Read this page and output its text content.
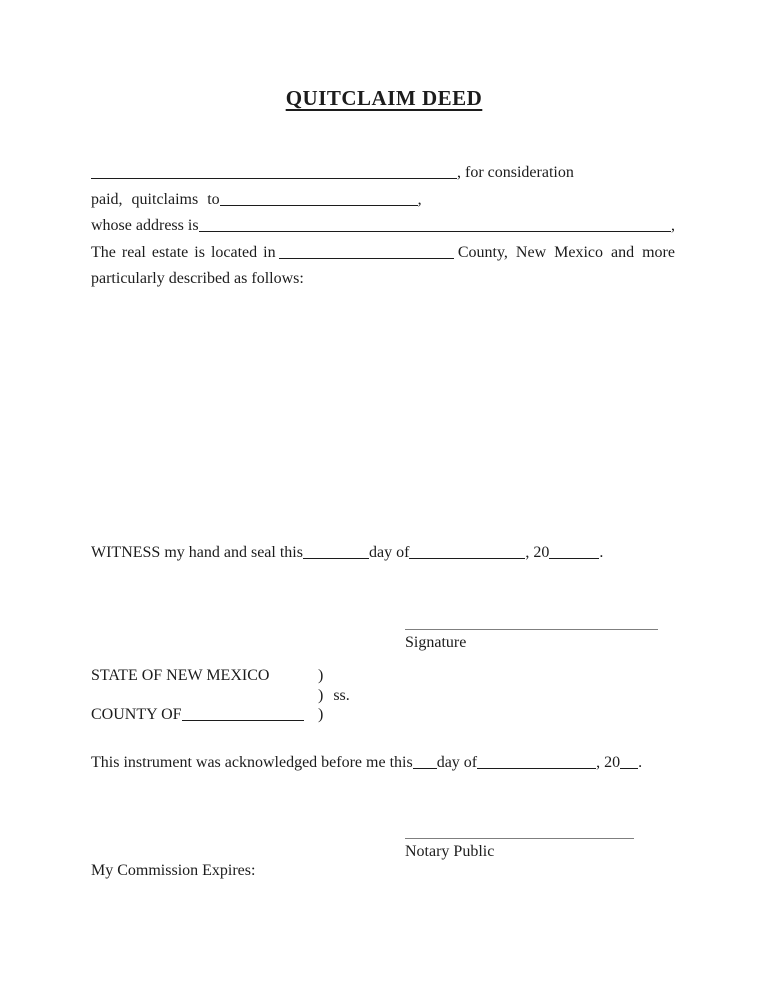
QUITCLAIM DEED
, for consideration
paid, quitclaims to	,
whose address is	,
The real estate is located in	County, New Mexico and more
particularly described as follows:
WITNESS my hand and seal this	day of	, 20	.
Signature
STATE OF NEW MEXICO	)
) ss.
COUNTY OF	)
This instrument was acknowledged before me this day of	, 20 .
Notary Public
My Commission Expires:
